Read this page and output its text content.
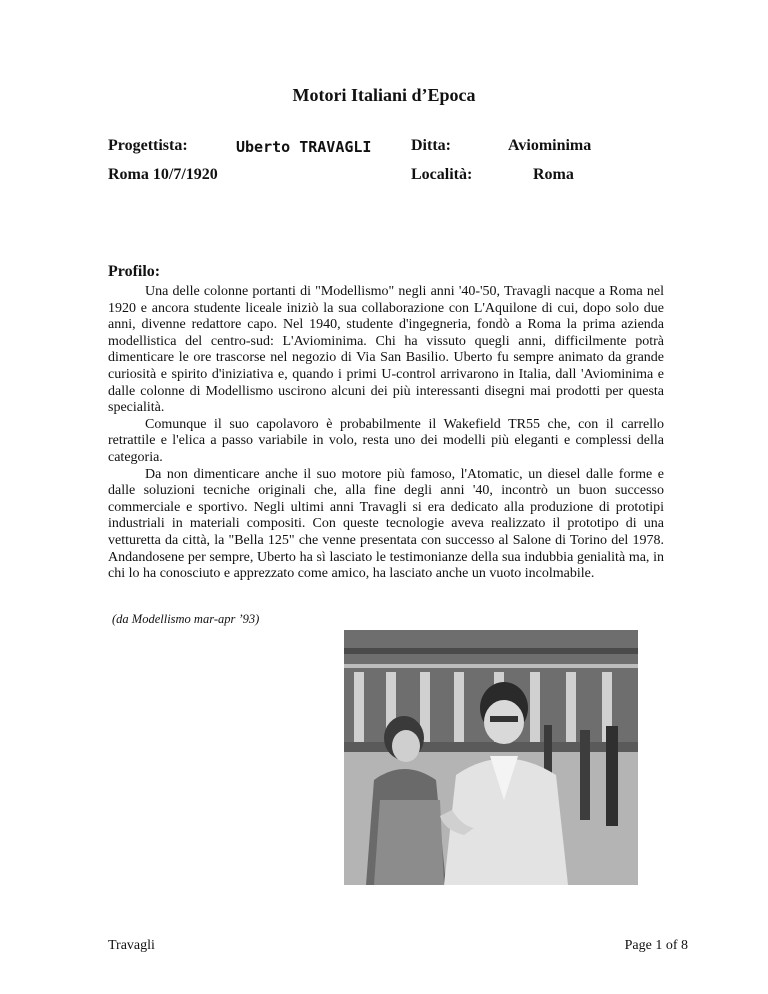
Motori Italiani d’Epoca
Progettista:	Uberto TRAVAGLI Ditta:	Aviominima
Roma 10/7/1920	Località:	Roma
Profilo:

Una delle colonne portanti di "Modellismo" negli anni '40-'50, Travagli nacque a Roma nel 1920 e ancora studente liceale iniziò la sua collaborazione con L'Aquilone di cui, dopo solo due anni, divenne redattore capo. Nel 1940, studente d'ingegneria, fondò a Roma la prima azienda modellistica del centro-sud: L'Aviominima. Chi ha vissuto quegli anni, difficilmente potrà dimenticare le ore trascorse nel negozio di Via San Basilio. Uberto fu sempre animato da grande curiosità e spirito d'iniziativa e, quando i primi U-control arrivarono in Italia, dall 'Aviominima e dalle colonne di Modellismo uscirono alcuni dei più interessanti disegni mai prodotti per questa specialità.

Comunque il suo capolavoro è probabilmente il Wakefield TR55 che, con il carrello retrattile e l'elica a passo variabile in volo, resta uno dei modelli più eleganti e complessi della categoria.

Da non dimenticare anche il suo motore più famoso, l'Atomatic, un diesel dalle forme e dalle soluzioni tecniche originali che, alla fine degli anni '40, incontrò un buon successo commerciale e sportivo. Negli ultimi anni Travagli si era dedicato alla produzione di prototipi industriali in materiali compositi. Con queste tecnologie aveva realizzato il prototipo di una vetturetta da città, la "Bella 125" che venne presentata con successo al Salone di Torino del 1978. Andandosene per sempre, Uberto ha sì lasciato le testimonianze della sua indubbia genialità ma, in chi lo ha conosciuto e apprezzato come amico, ha lasciato anche un vuoto incolmabile.

(da Modellismo mar-apr ’93)
Travagli	Page 1 of 8
